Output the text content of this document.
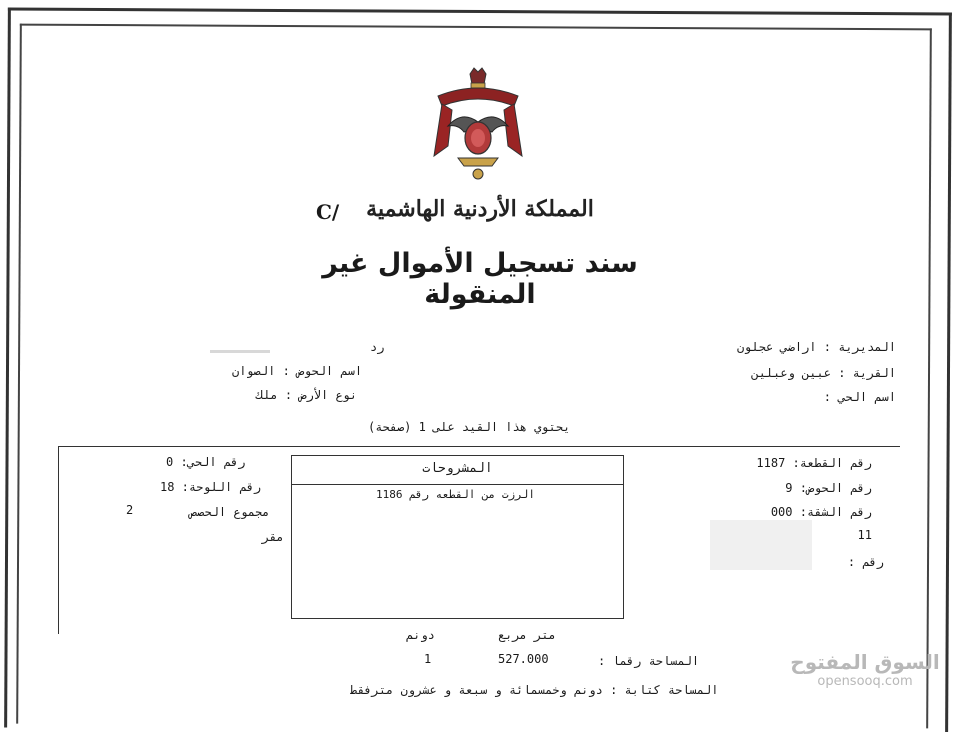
المملكة الأردنية الهاشمية
C/
سند تسجيل الأموال غير المنقولة
المديرية : اراضي عجلون
القرية : عبين وعبلين
اسم الحي :
رد
اسم الحوض : الصوان
نوع الأرض : ملك
يحتوي هذا القيد على 1 (صفحة)
رقم القطعة: 1187
رقم الحوض: 9
رقم الشقة: 000
11
رقم :
رقم الحي: 0
رقم اللوحة: 18
مجموع الحصص
2
مقر
المشروحات
الرزت من القطعه رقم 1186
متر مربع
دونم
المساحة رقما :
527.000
1
المساحة كتابة : دونم وخمسمائة و سبعة و عشرون مترفقط
السوق المفتوح
opensooq.com
